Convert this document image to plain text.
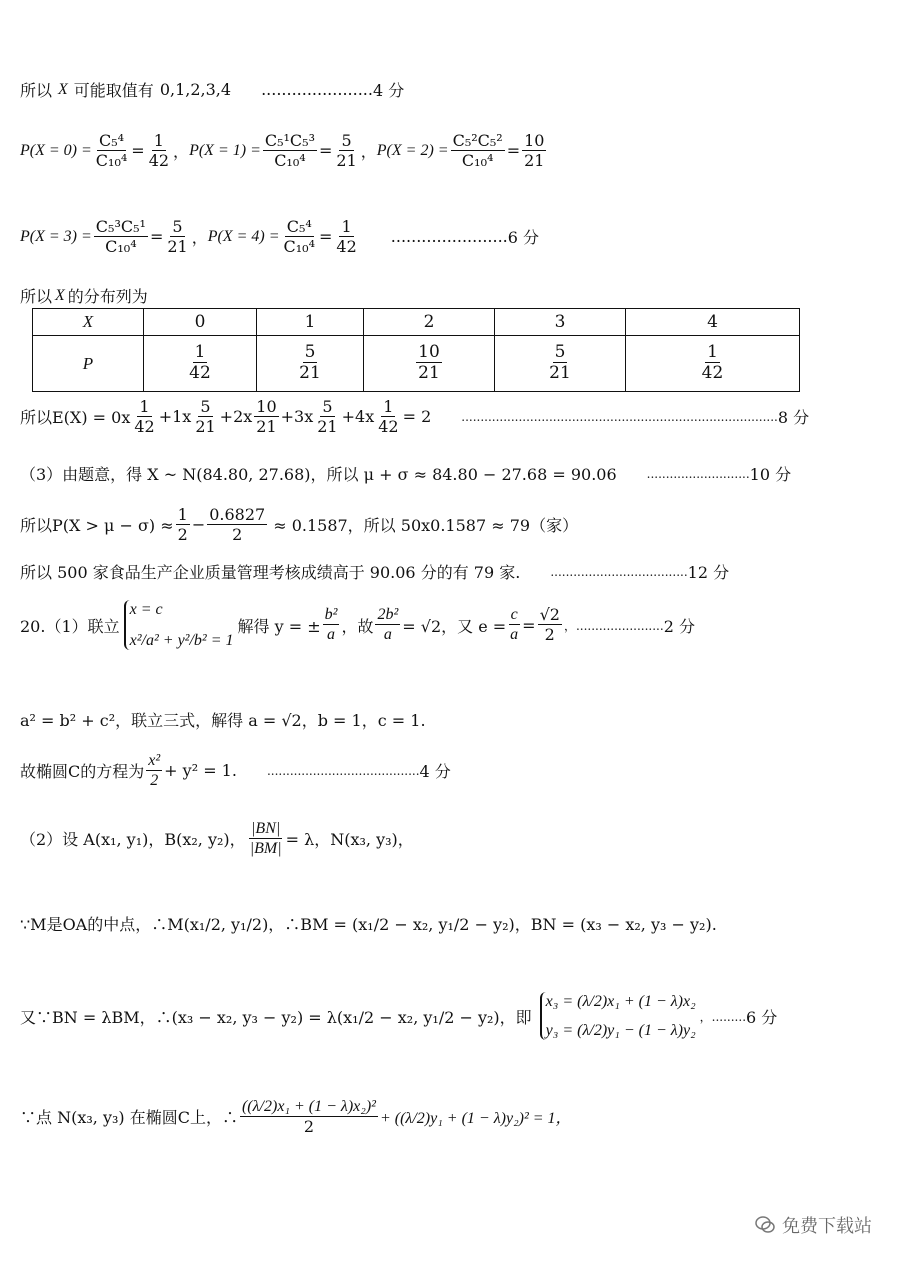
所以 X 可能取值有 0,1,2,3,4 ...................... 4 分
$P(X = 0) = \frac{\text{C₅⁴}}{\text{C₁₀⁴}} = \frac{1}{42}$ ， $P(X = 1) = \frac{\text{C₅¹C₅³}}{\text{C₁₀⁴}} = \frac{5}{21}$ ， $P(X = 2) = \frac{\text{C₅²C₅²}}{\text{C₁₀⁴}} = \frac{10}{21}$
$P(X = 3) = \frac{\text{C₅³C₅¹}}{\text{C₁₀⁴}} = \frac{5}{21}$ ， $P(X = 4) = \frac{\text{C₅⁴}}{\text{C₁₀⁴}} = \frac{1}{42}$ ....................... 6 分
所以 X 的分布列为
X	0	1	2	3	4
P	$\frac{1}{42}$	$\frac{5}{21}$	$\frac{10}{21}$	$\frac{5}{21}$	$\frac{1}{42}$
所以$E(X) = 0x \frac{1}{42} +1x \frac{5}{21} +2x \frac{10}{21} +3x \frac{5}{21} +4x \frac{1}{42} = 2$	................................................................................... 8 分
（3）由题意，得 X ~ N(84.80, 27.68)，所以 μ + σ ≈ 84.80 − 27.68 = 90.06	........................... 10 分
所以$P(X > \mu - \sigma) \approx \frac{1}{2} - \frac{0.6827}{2} \approx 0.1587$，所以 50x0.1587 ≈ 79（家）
所以 500 家食品生产企业质量管理考核成绩高于 90.06 分的有 79 家.	.................................... 12 分
20.（1）联立
x = c
x²/a² + y²/b² = 1
解得 y = ± $\frac{\text{b²}}{a}$ ，故 $\frac{\text{2b²}}{a} = √2$，又 $e = \frac{c}{a} = \frac{√2}{2}$ ，....................... 2 分
a² = b² + c²，联立三式，解得 a = √2，b = 1，c = 1.
故椭圆C的方程为 $\frac{\text{x²}}{2} + y^2 = 1$.	........................................ 4 分
（2）设 A(x₁, y₁)，B(x₂, y₂)， $\frac{|BN|}{|BM|} = \lambda$，N(x₃, y₃)，
∵M是OA的中点，∴M(x₁/2, y₁/2)，∴BM = (x₁/2 − x₂, y₁/2 − y₂)，BN = (x₃ − x₂, y₃ − y₂).
又∵BN = λBM，∴(x₃ − x₂, y₃ − y₂) = λ(x₁/2 − x₂, y₁/2 − y₂)，即
x₃ = (λ/2)x₁ + (1 − λ)x₂
y₃ = (λ/2)y₁ − (1 − λ)y₂
，......... 6 分
∵点 N(x₃, y₃) 在椭圆C上，∴ $\frac{\text{((λ/2)x₁ + (1 − λ)x₂)²}}{2} + ((\lambda/2)y_1 + (1 - \lambda)y_2)^2 = 1$，
免费下载站
